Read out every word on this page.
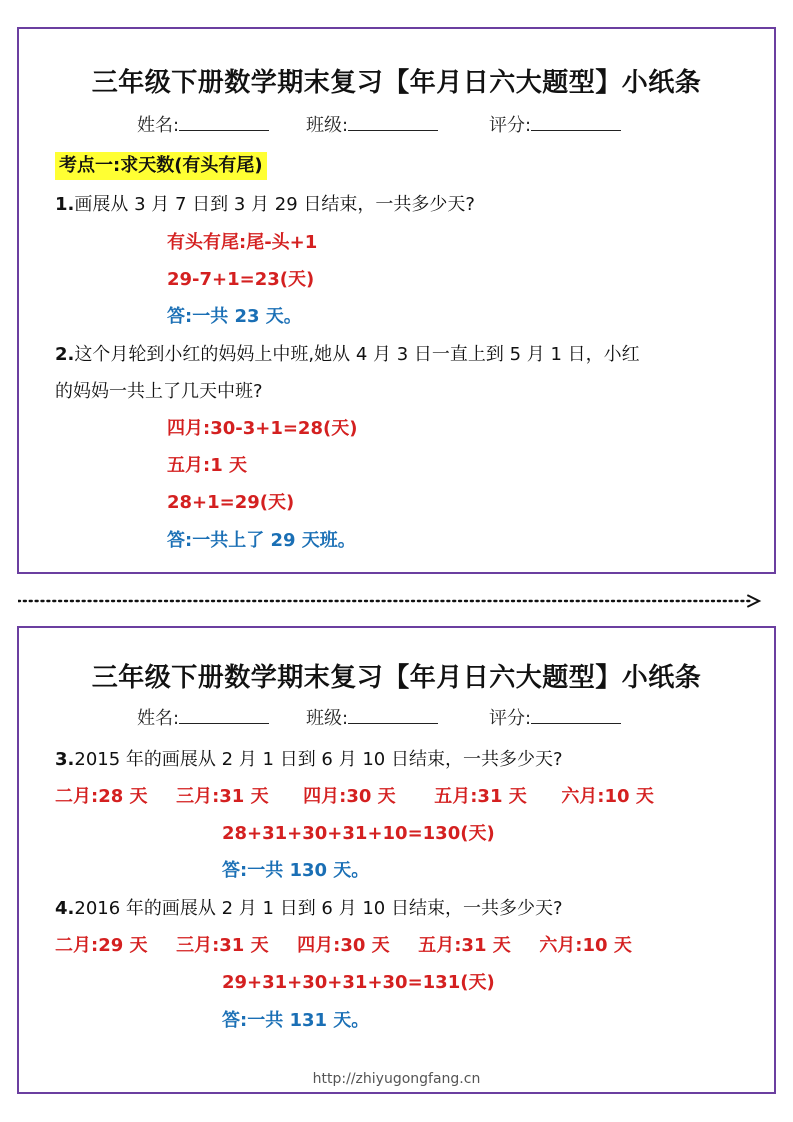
三年级下册数学期末复习【年月日六大题型】小纸条
姓名:	班级:	评分:
考点一:求天数(有头有尾)
1.画展从 3 月 7 日到 3 月 29 日结束，一共多少天?
有头有尾:尾-头+1
29-7+1=23(天)
答:一共 23 天。
2.这个月轮到小红的妈妈上中班,她从 4 月 3 日一直上到 5 月 1 日，小红
的妈妈一共上了几天中班?
四月:30-3+1=28(天)
五月:1 天
28+1=29(天)
答:一共上了 29 天班。
三年级下册数学期末复习【年月日六大题型】小纸条
姓名:	班级:	评分:
3.2015 年的画展从 2 月 1 日到 6 月 10 日结束，一共多少天?
二月:28 天 三月:31 天 四月:30 天 五月:31 天 六月:10 天
28+31+30+31+10=130(天)
答:一共 130 天。
4.2016 年的画展从 2 月 1 日到 6 月 10 日结束，一共多少天?
二月:29 天 三月:31 天 四月:30 天 五月:31 天 六月:10 天
29+31+30+31+30=131(天)
答:一共 131 天。
http://zhiyugongfang.cn
